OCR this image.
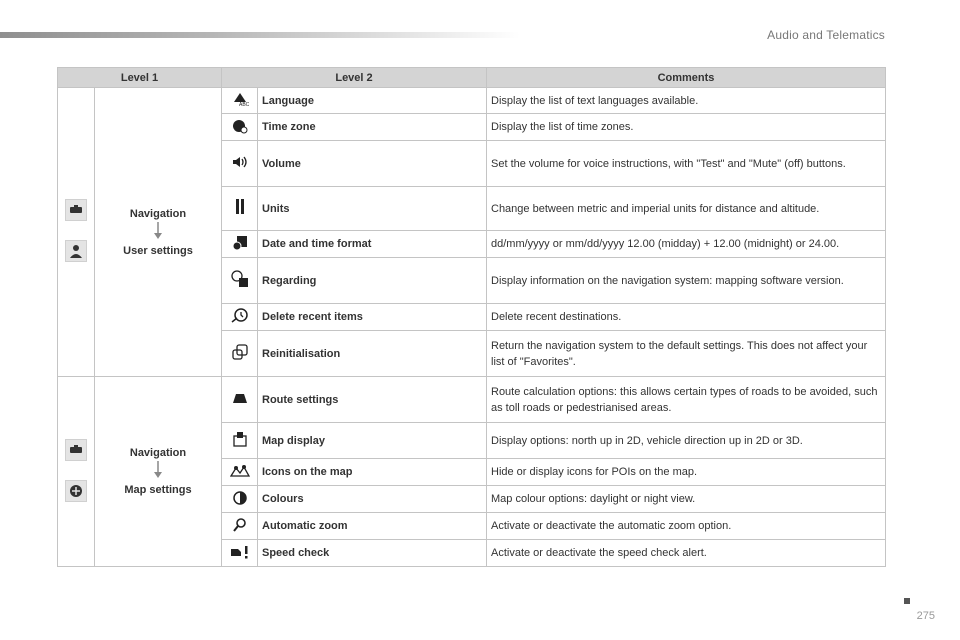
Audio and Telematics
Level 1		Level 2		Comments

Navigation
User settings	ABC	Language	Display the list of text languages available.
	Time zone	Display the list of time zones.
	Volume	Set the volume for voice instructions, with "Test" and "Mute" (off) buttons.
	Units	Change between metric and imperial units for distance and altitude.
	Date and time format	dd/mm/yyyy or mm/dd/yyyy 12.00 (midday) + 12.00 (midnight) or 24.00.
	Regarding	Display information on the navigation system: mapping software version.
	Delete recent items	Delete recent destinations.
	Reinitialisation	Return the navigation system to the default settings. This does not affect your list of "Favorites".

Navigation
Map settings		Route settings	Route calculation options: this allows certain types of roads to be avoided, such as toll roads or pedestrianised areas.
	Map display	Display options: north up in 2D, vehicle direction up in 2D or 3D.
	Icons on the map	Hide or display icons for POIs on the map.
	Colours	Map colour options: daylight or night view.
	Automatic zoom	Activate or deactivate the automatic zoom option.
	Speed check	Activate or deactivate the speed check alert.
275
